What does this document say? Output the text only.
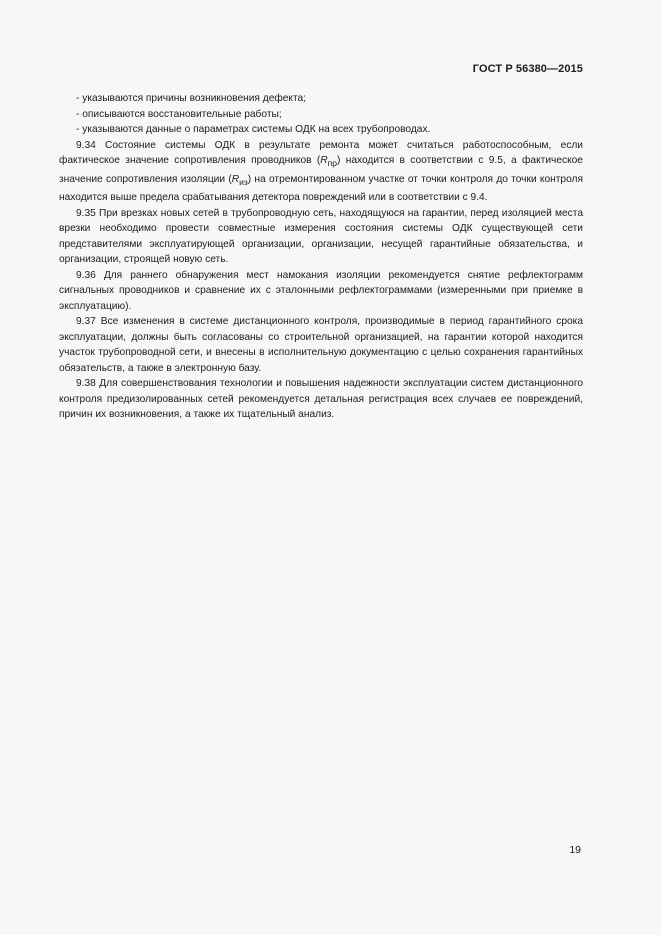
ГОСТ Р 56380—2015

- указываются причины возникновения дефекта;

- описываются восстановительные работы;

- указываются данные о параметрах системы ОДК на всех трубопроводах.

9.34 Состояние системы ОДК в результате ремонта может считаться работоспособным, если фактическое значение сопротивления проводников $(R_{пр})$ находится в соответствии с 9.5, а фактическое значение сопротивления изоляции $(R_{из})$ на отремонтированном участке от точки контроля до точки контроля находится выше предела срабатывания детектора повреждений или в соответствии с 9.4.

9.35 При врезках новых сетей в трубопроводную сеть, находящуюся на гарантии, перед изоляцией места врезки необходимо провести совместные измерения состояния системы ОДК существующей сети представителями эксплуатирующей организации, организации, несущей гарантийные обязательства, и организации, строящей новую сеть.

9.36 Для раннего обнаружения мест намокания изоляции рекомендуется снятие рефлектограмм сигнальных проводников и сравнение их с эталонными рефлектограммами (измеренными при приемке в эксплуатацию).

9.37 Все изменения в системе дистанционного контроля, производимые в период гарантийного срока эксплуатации, должны быть согласованы со строительной организацией, на гарантии которой находится участок трубопроводной сети, и внесены в исполнительную документацию с целью сохранения гарантийных обязательств, а также в электронную базу.

9.38 Для совершенствования технологии и повышения надежности эксплуатации систем дистанционного контроля предизолированных сетей рекомендуется детальная регистрация всех случаев ее повреждений, причин их возникновения, а также их тщательный анализ.

19
